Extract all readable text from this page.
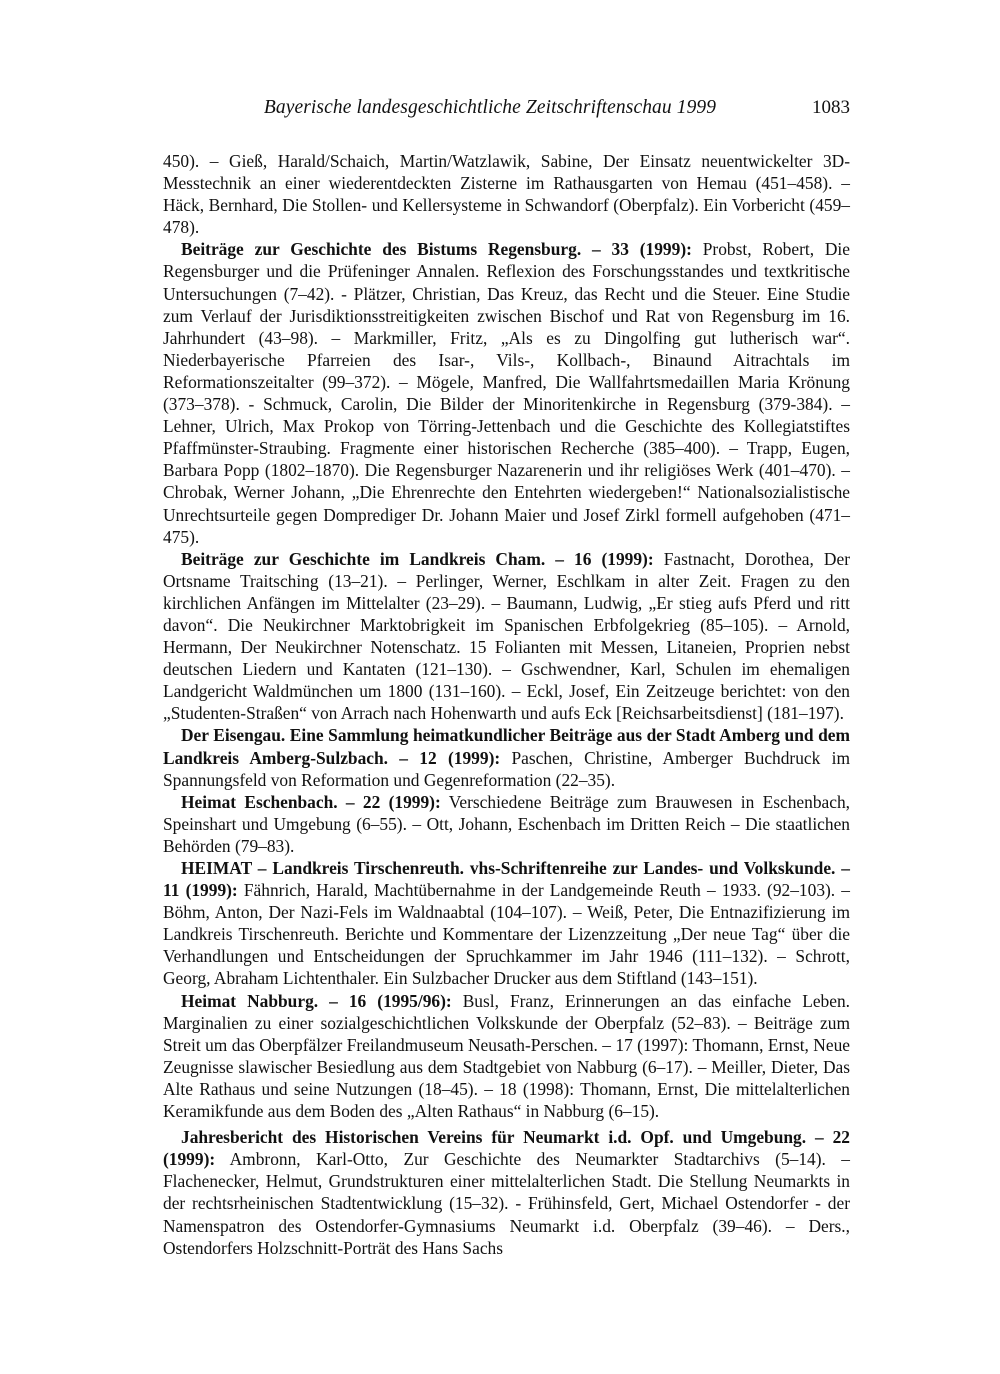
Bayerische landesgeschichtliche Zeitschriftenschau 1999	1083

450). – Gieß, Harald/Schaich, Martin/Watzlawik, Sabine, Der Einsatz neuentwickelter 3D-Messtechnik an einer wiederentdeckten Zisterne im Rathausgarten von Hemau (451–458). – Häck, Bernhard, Die Stollen- und Kellersysteme in Schwandorf (Oberpfalz). Ein Vorbericht (459–478).

Beiträge zur Geschichte des Bistums Regensburg. – 33 (1999): Probst, Robert, Die Regensburger und die Prüfeninger Annalen. Reflexion des Forschungsstandes und textkritische Untersuchungen (7–42). - Plätzer, Christian, Das Kreuz, das Recht und die Steuer. Eine Studie zum Verlauf der Jurisdiktionsstreitigkeiten zwischen Bischof und Rat von Regensburg im 16. Jahrhundert (43–98). – Markmiller, Fritz, „Als es zu Dingolfing gut lutherisch war“. Niederbayerische Pfarreien des Isar-, Vils-, Kollbach-, Binaund Aitrachtals im Reformationszeitalter (99–372). – Mögele, Manfred, Die Wallfahrtsmedaillen Maria Krönung (373–378). - Schmuck, Carolin, Die Bilder der Minoritenkirche in Regensburg (379-384). – Lehner, Ulrich, Max Prokop von Törring-Jettenbach und die Geschichte des Kollegiatstiftes Pfaffmünster-Straubing. Fragmente einer historischen Recherche (385–400). – Trapp, Eugen, Barbara Popp (1802–1870). Die Regensburger Nazarenerin und ihr religiöses Werk (401–470). – Chrobak, Werner Johann, „Die Ehrenrechte den Entehrten wiedergeben!“ Nationalsozialistische Unrechtsurteile gegen Domprediger Dr. Johann Maier und Josef Zirkl formell aufgehoben (471–475).

Beiträge zur Geschichte im Landkreis Cham. – 16 (1999): Fastnacht, Dorothea, Der Ortsname Traitsching (13–21). – Perlinger, Werner, Eschlkam in alter Zeit. Fragen zu den kirchlichen Anfängen im Mittelalter (23–29). – Baumann, Ludwig, „Er stieg aufs Pferd und ritt davon“. Die Neukirchner Marktobrigkeit im Spanischen Erbfolgekrieg (85–105). – Arnold, Hermann, Der Neukirchner Notenschatz. 15 Folianten mit Messen, Litaneien, Proprien nebst deutschen Liedern und Kantaten (121–130). – Gschwendner, Karl, Schulen im ehemaligen Landgericht Waldmünchen um 1800 (131–160). – Eckl, Josef, Ein Zeitzeuge berichtet: von den „Studenten-Straßen“ von Arrach nach Hohenwarth und aufs Eck [Reichsarbeitsdienst] (181–197).

Der Eisengau. Eine Sammlung heimatkundlicher Beiträge aus der Stadt Amberg und dem Landkreis Amberg-Sulzbach. – 12 (1999): Paschen, Christine, Amberger Buchdruck im Spannungsfeld von Reformation und Gegenreformation (22–35).

Heimat Eschenbach. – 22 (1999): Verschiedene Beiträge zum Brauwesen in Eschenbach, Speinshart und Umgebung (6–55). – Ott, Johann, Eschenbach im Dritten Reich – Die staatlichen Behörden (79–83).

HEIMAT – Landkreis Tirschenreuth. vhs-Schriftenreihe zur Landes- und Volkskunde. – 11 (1999): Fähnrich, Harald, Machtübernahme in der Landgemeinde Reuth – 1933. (92–103). – Böhm, Anton, Der Nazi-Fels im Waldnaabtal (104–107). – Weiß, Peter, Die Entnazifizierung im Landkreis Tirschenreuth. Berichte und Kommentare der Lizenzzeitung „Der neue Tag“ über die Verhandlungen und Entscheidungen der Spruchkammer im Jahr 1946 (111–132). – Schrott, Georg, Abraham Lichtenthaler. Ein Sulzbacher Drucker aus dem Stiftland (143–151).

Heimat Nabburg. – 16 (1995/96): Busl, Franz, Erinnerungen an das einfache Leben. Marginalien zu einer sozialgeschichtlichen Volkskunde der Oberpfalz (52–83). – Beiträge zum Streit um das Oberpfälzer Freilandmuseum Neusath-Perschen. – 17 (1997): Thomann, Ernst, Neue Zeugnisse slawischer Besiedlung aus dem Stadtgebiet von Nabburg (6–17). – Meiller, Dieter, Das Alte Rathaus und seine Nutzungen (18–45). – 18 (1998): Thomann, Ernst, Die mittelalterlichen Keramikfunde aus dem Boden des „Alten Rathaus“ in Nabburg (6–15).

Jahresbericht des Historischen Vereins für Neumarkt i.d. Opf. und Umgebung. – 22 (1999): Ambronn, Karl-Otto, Zur Geschichte des Neumarkter Stadtarchivs (5–14). – Flachenecker, Helmut, Grundstrukturen einer mittelalterlichen Stadt. Die Stellung Neumarkts in der rechtsrheinischen Stadtentwicklung (15–32). - Frühinsfeld, Gert, Michael Ostendorfer - der Namenspatron des Ostendorfer-Gymnasiums Neumarkt i.d. Oberpfalz (39–46). – Ders., Ostendorfers Holzschnitt-Porträt des Hans Sachs
